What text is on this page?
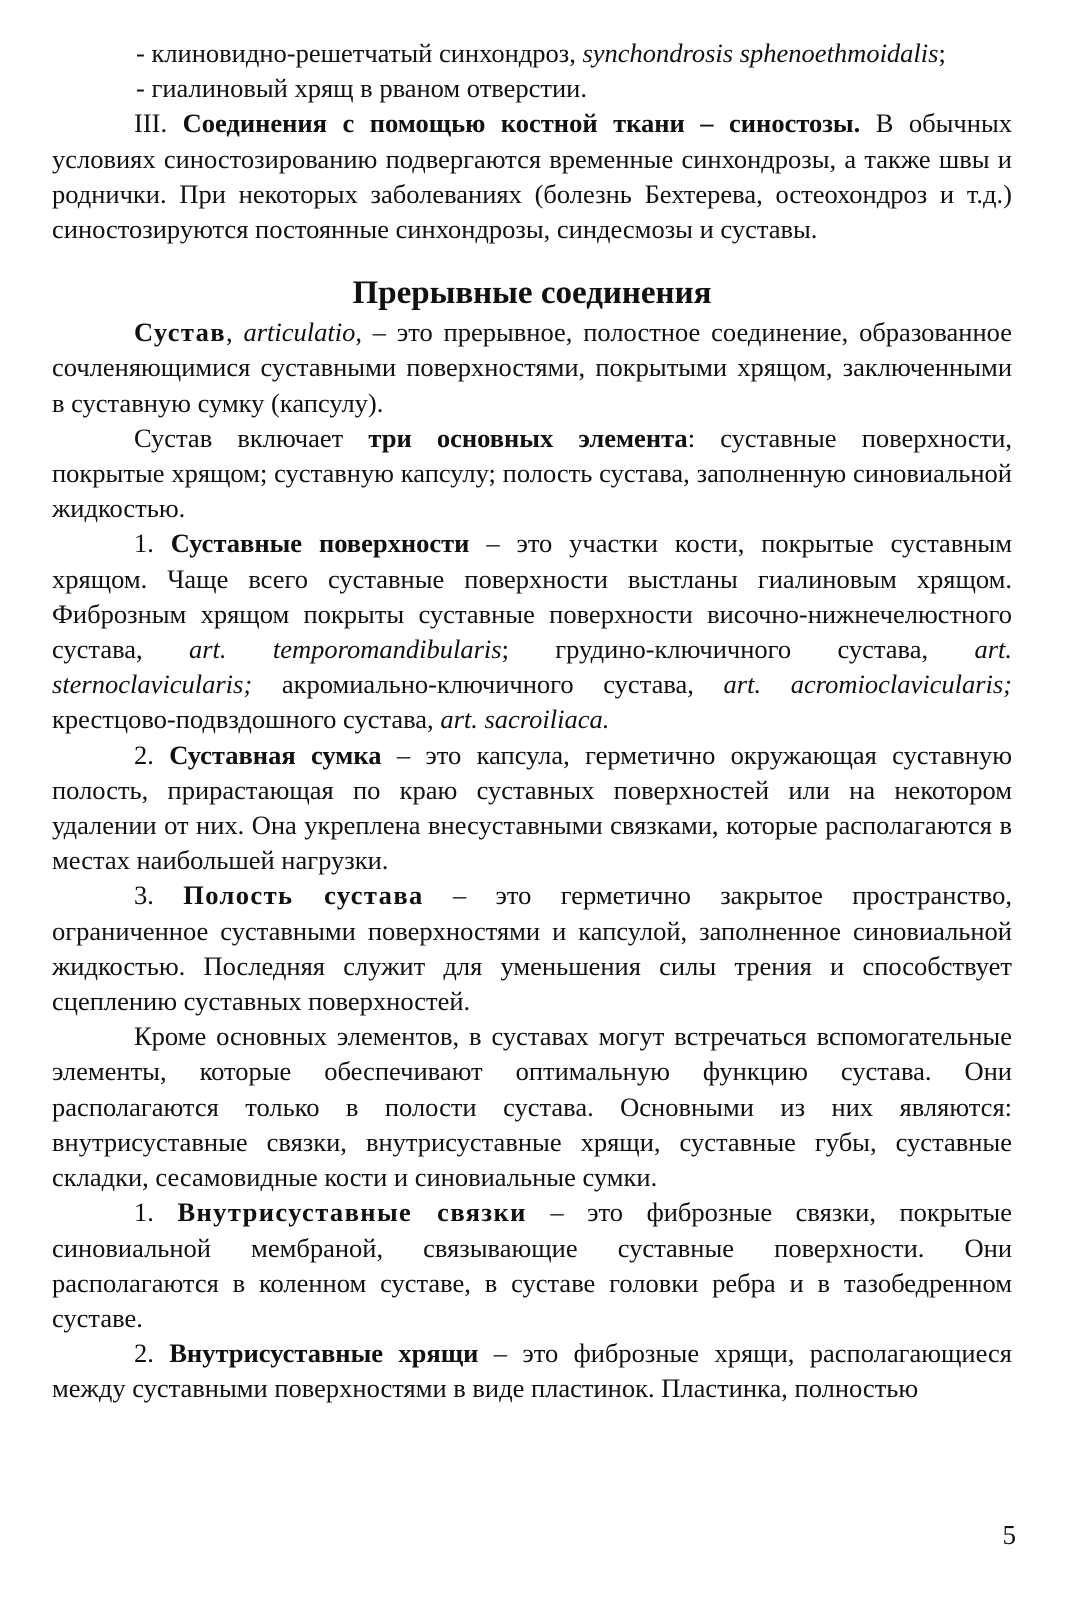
- клиновидно-решетчатый синхондроз, synchondrosis sphenoethmoidalis;

- гиалиновый хрящ в рваном отверстии.

III. Соединения с помощью костной ткани – синостозы. В обычных условиях синостозированию подвергаются временные синхондрозы, а также швы и роднички. При некоторых заболеваниях (болезнь Бехтерева, остеохондроз и т.д.) синостозируются постоянные синхондрозы, синдесмозы и суставы.

Прерывные соединения

Сустав, articulatio, – это прерывное, полостное соединение, образованное сочленяющимися суставными поверхностями, покрытыми хрящом, заключенными в суставную сумку (капсулу).

Сустав включает три основных элемента: суставные поверхности, покрытые хрящом; суставную капсулу; полость сустава, заполненную синовиальной жидкостью.

1. Суставные поверхности – это участки кости, покрытые суставным хрящом. Чаще всего суставные поверхности выстланы гиалиновым хрящом. Фиброзным хрящом покрыты суставные поверхности височно-нижнечелюстного сустава, art. temporomandibularis; грудино-ключичного сустава, art. sternoclavicularis; акромиально-ключичного сустава, art. acromioclavicularis; крестцово-подвздошного сустава, art. sacroiliaca.

2. Суставная сумка – это капсула, герметично окружающая суставную полость, прирастающая по краю суставных поверхностей или на некотором удалении от них. Она укреплена внесуставными связками, которые располагаются в местах наибольшей нагрузки.

3. Полость сустава – это герметично закрытое пространство, ограниченное суставными поверхностями и капсулой, заполненное синовиальной жидкостью. Последняя служит для уменьшения силы трения и способствует сцеплению суставных поверхностей.

Кроме основных элементов, в суставах могут встречаться вспомогательные элементы, которые обеспечивают оптимальную функцию сустава. Они располагаются только в полости сустава. Основными из них являются: внутрисуставные связки, внутрисуставные хрящи, суставные губы, суставные складки, сесамовидные кости и синовиальные сумки.

1. Внутрисуставные связки – это фиброзные связки, покрытые синовиальной мембраной, связывающие суставные поверхности. Они располагаются в коленном суставе, в суставе головки ребра и в тазобедренном суставе.

2. Внутрисуставные хрящи – это фиброзные хрящи, располагающиеся между суставными поверхностями в виде пластинок. Пластинка, полностью

5
